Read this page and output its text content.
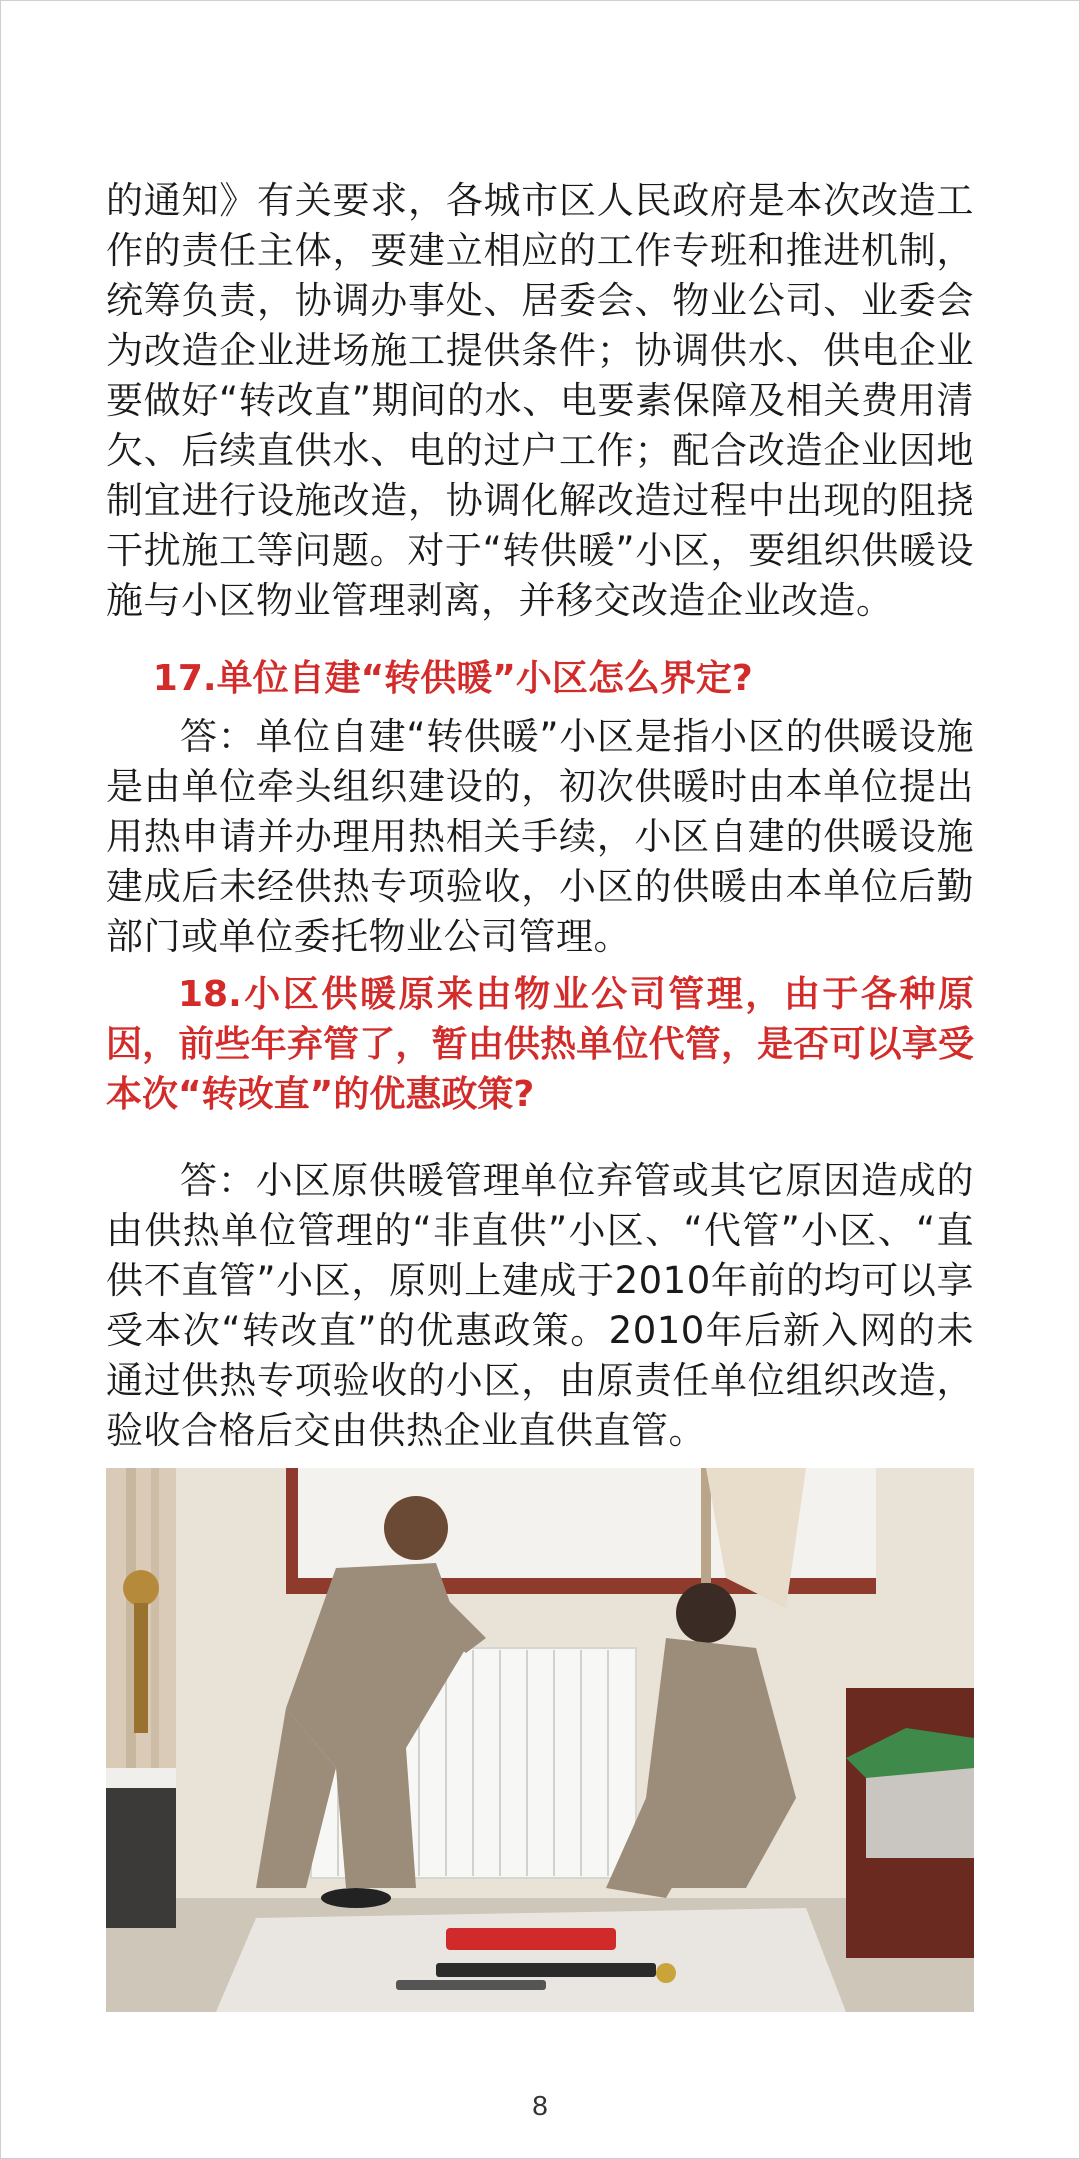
的通知》有关要求，各城市区人民政府是本次改造工作的责任主体，要建立相应的工作专班和推进机制，统筹负责，协调办事处、居委会、物业公司、业委会为改造企业进场施工提供条件；协调供水、供电企业要做好“转改直”期间的水、电要素保障及相关费用清欠、后续直供水、电的过户工作；配合改造企业因地制宜进行设施改造，协调化解改造过程中出现的阻挠干扰施工等问题。对于“转供暖”小区，要组织供暖设施与小区物业管理剥离，并移交改造企业改造。

17.单位自建“转供暖”小区怎么界定?

答：单位自建“转供暖”小区是指小区的供暖设施是由单位牵头组织建设的，初次供暖时由本单位提出用热申请并办理用热相关手续，小区自建的供暖设施建成后未经供热专项验收，小区的供暖由本单位后勤部门或单位委托物业公司管理。

18.小区供暖原来由物业公司管理，由于各种原因，前些年弃管了，暂由供热单位代管，是否可以享受本次“转改直”的优惠政策?

答：小区原供暖管理单位弃管或其它原因造成的由供热单位管理的“非直供”小区、“代管”小区、“直供不直管”小区，原则上建成于2010年前的均可以享受本次“转改直”的优惠政策。2010年后新入网的未通过供热专项验收的小区，由原责任单位组织改造，验收合格后交由供热企业直供直管。

8
